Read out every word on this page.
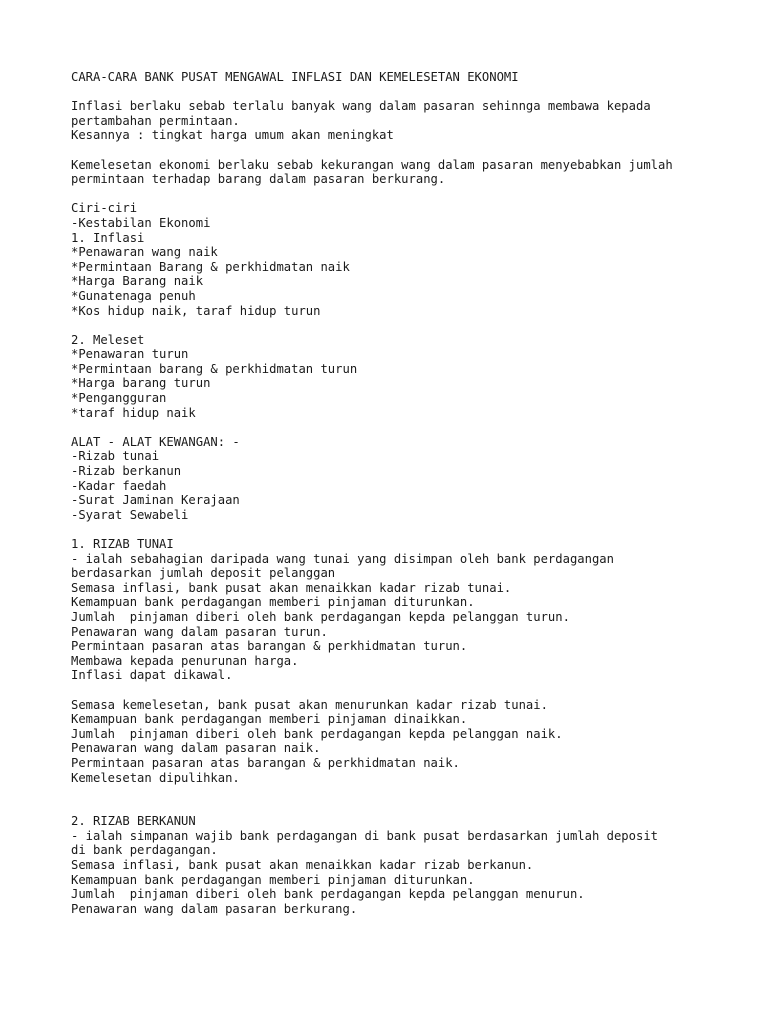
CARA-CARA BANK PUSAT MENGAWAL INFLASI DAN KEMELESETAN EKONOMI
Inflasi berlaku sebab terlalu banyak wang dalam pasaran sehinnga membawa kepada
pertambahan permintaan.
Kesannya : tingkat harga umum akan meningkat
Kemelesetan ekonomi berlaku sebab kekurangan wang dalam pasaran menyebabkan jumlah
permintaan terhadap barang dalam pasaran berkurang.
Ciri-ciri
-Kestabilan Ekonomi
1. Inflasi
*Penawaran wang naik
*Permintaan Barang & perkhidmatan naik
*Harga Barang naik
*Gunatenaga penuh
*Kos hidup naik, taraf hidup turun
2. Meleset
*Penawaran turun
*Permintaan barang & perkhidmatan turun
*Harga barang turun
*Pengangguran
*taraf hidup naik
ALAT - ALAT KEWANGAN: -
-Rizab tunai
-Rizab berkanun
-Kadar faedah
-Surat Jaminan Kerajaan
-Syarat Sewabeli
1. RIZAB TUNAI
- ialah sebahagian daripada wang tunai yang disimpan oleh bank perdagangan
berdasarkan jumlah deposit pelanggan
Semasa inflasi, bank pusat akan menaikkan kadar rizab tunai.
Kemampuan bank perdagangan memberi pinjaman diturunkan.
Jumlah  pinjaman diberi oleh bank perdagangan kepda pelanggan turun.
Penawaran wang dalam pasaran turun.
Permintaan pasaran atas barangan & perkhidmatan turun.
Membawa kepada penurunan harga.
Inflasi dapat dikawal.
Semasa kemelesetan, bank pusat akan menurunkan kadar rizab tunai.
Kemampuan bank perdagangan memberi pinjaman dinaikkan.
Jumlah  pinjaman diberi oleh bank perdagangan kepda pelanggan naik.
Penawaran wang dalam pasaran naik.
Permintaan pasaran atas barangan & perkhidmatan naik.
Kemelesetan dipulihkan.
2. RIZAB BERKANUN
- ialah simpanan wajib bank perdagangan di bank pusat berdasarkan jumlah deposit
di bank perdagangan.
Semasa inflasi, bank pusat akan menaikkan kadar rizab berkanun.
Kemampuan bank perdagangan memberi pinjaman diturunkan.
Jumlah  pinjaman diberi oleh bank perdagangan kepda pelanggan menurun.
Penawaran wang dalam pasaran berkurang.
